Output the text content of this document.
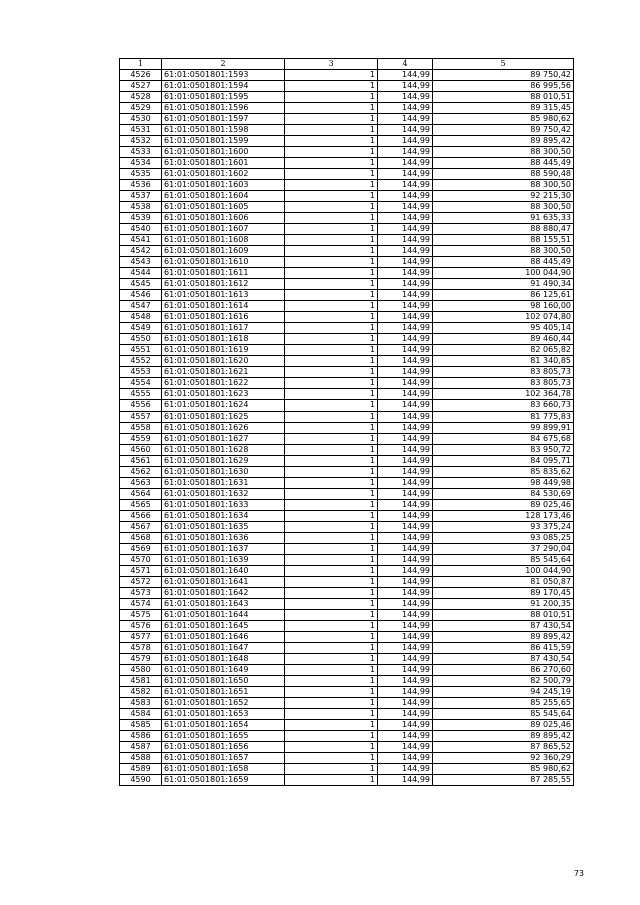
1	2	3	4	5
4526	61:01:0501801:1593	1	144,99	89 750,42
4527	61:01:0501801:1594	1	144,99	86 995,56
4528	61:01:0501801:1595	1	144,99	88 010,51
4529	61:01:0501801:1596	1	144,99	89 315,45
4530	61:01:0501801:1597	1	144,99	85 980,62
4531	61:01:0501801:1598	1	144,99	89 750,42
4532	61:01:0501801:1599	1	144,99	89 895,42
4533	61:01:0501801:1600	1	144,99	88 300,50
4534	61:01:0501801:1601	1	144,99	88 445,49
4535	61:01:0501801:1602	1	144,99	88 590,48
4536	61:01:0501801:1603	1	144,99	88 300,50
4537	61:01:0501801:1604	1	144,99	92 215,30
4538	61:01:0501801:1605	1	144,99	88 300,50
4539	61:01:0501801:1606	1	144,99	91 635,33
4540	61:01:0501801:1607	1	144,99	88 880,47
4541	61:01:0501801:1608	1	144,99	88 155,51
4542	61:01:0501801:1609	1	144,99	88 300,50
4543	61:01:0501801:1610	1	144,99	88 445,49
4544	61:01:0501801:1611	1	144,99	100 044,90
4545	61:01:0501801:1612	1	144,99	91 490,34
4546	61:01:0501801:1613	1	144,99	86 125,61
4547	61:01:0501801:1614	1	144,99	98 160,00
4548	61:01:0501801:1616	1	144,99	102 074,80
4549	61:01:0501801:1617	1	144,99	95 405,14
4550	61:01:0501801:1618	1	144,99	89 460,44
4551	61:01:0501801:1619	1	144,99	82 065,82
4552	61:01:0501801:1620	1	144,99	81 340,85
4553	61:01:0501801:1621	1	144,99	83 805,73
4554	61:01:0501801:1622	1	144,99	83 805,73
4555	61:01:0501801:1623	1	144,99	102 364,78
4556	61:01:0501801:1624	1	144,99	83 660,73
4557	61:01:0501801:1625	1	144,99	81 775,83
4558	61:01:0501801:1626	1	144,99	99 899,91
4559	61:01:0501801:1627	1	144,99	84 675,68
4560	61:01:0501801:1628	1	144,99	83 950,72
4561	61:01:0501801:1629	1	144,99	84 095,71
4562	61:01:0501801:1630	1	144,99	85 835,62
4563	61:01:0501801:1631	1	144,99	98 449,98
4564	61:01:0501801:1632	1	144,99	84 530,69
4565	61:01:0501801:1633	1	144,99	89 025,46
4566	61:01:0501801:1634	1	144,99	128 173,46
4567	61:01:0501801:1635	1	144,99	93 375,24
4568	61:01:0501801:1636	1	144,99	93 085,25
4569	61:01:0501801:1637	1	144,99	37 290,04
4570	61:01:0501801:1639	1	144,99	85 545,64
4571	61:01:0501801:1640	1	144,99	100 044,90
4572	61:01:0501801:1641	1	144,99	81 050,87
4573	61:01:0501801:1642	1	144,99	89 170,45
4574	61:01:0501801:1643	1	144,99	91 200,35
4575	61:01:0501801:1644	1	144,99	88 010,51
4576	61:01:0501801:1645	1	144,99	87 430,54
4577	61:01:0501801:1646	1	144,99	89 895,42
4578	61:01:0501801:1647	1	144,99	86 415,59
4579	61:01:0501801:1648	1	144,99	87 430,54
4580	61:01:0501801:1649	1	144,99	86 270,60
4581	61:01:0501801:1650	1	144,99	82 500,79
4582	61:01:0501801:1651	1	144,99	94 245,19
4583	61:01:0501801:1652	1	144,99	85 255,65
4584	61:01:0501801:1653	1	144,99	85 545,64
4585	61:01:0501801:1654	1	144,99	89 025,46
4586	61:01:0501801:1655	1	144,99	89 895,42
4587	61:01:0501801:1656	1	144,99	87 865,52
4588	61:01:0501801:1657	1	144,99	92 360,29
4589	61:01:0501801:1658	1	144,99	85 980,62
4590	61:01:0501801:1659	1	144,99	87 285,55
73
